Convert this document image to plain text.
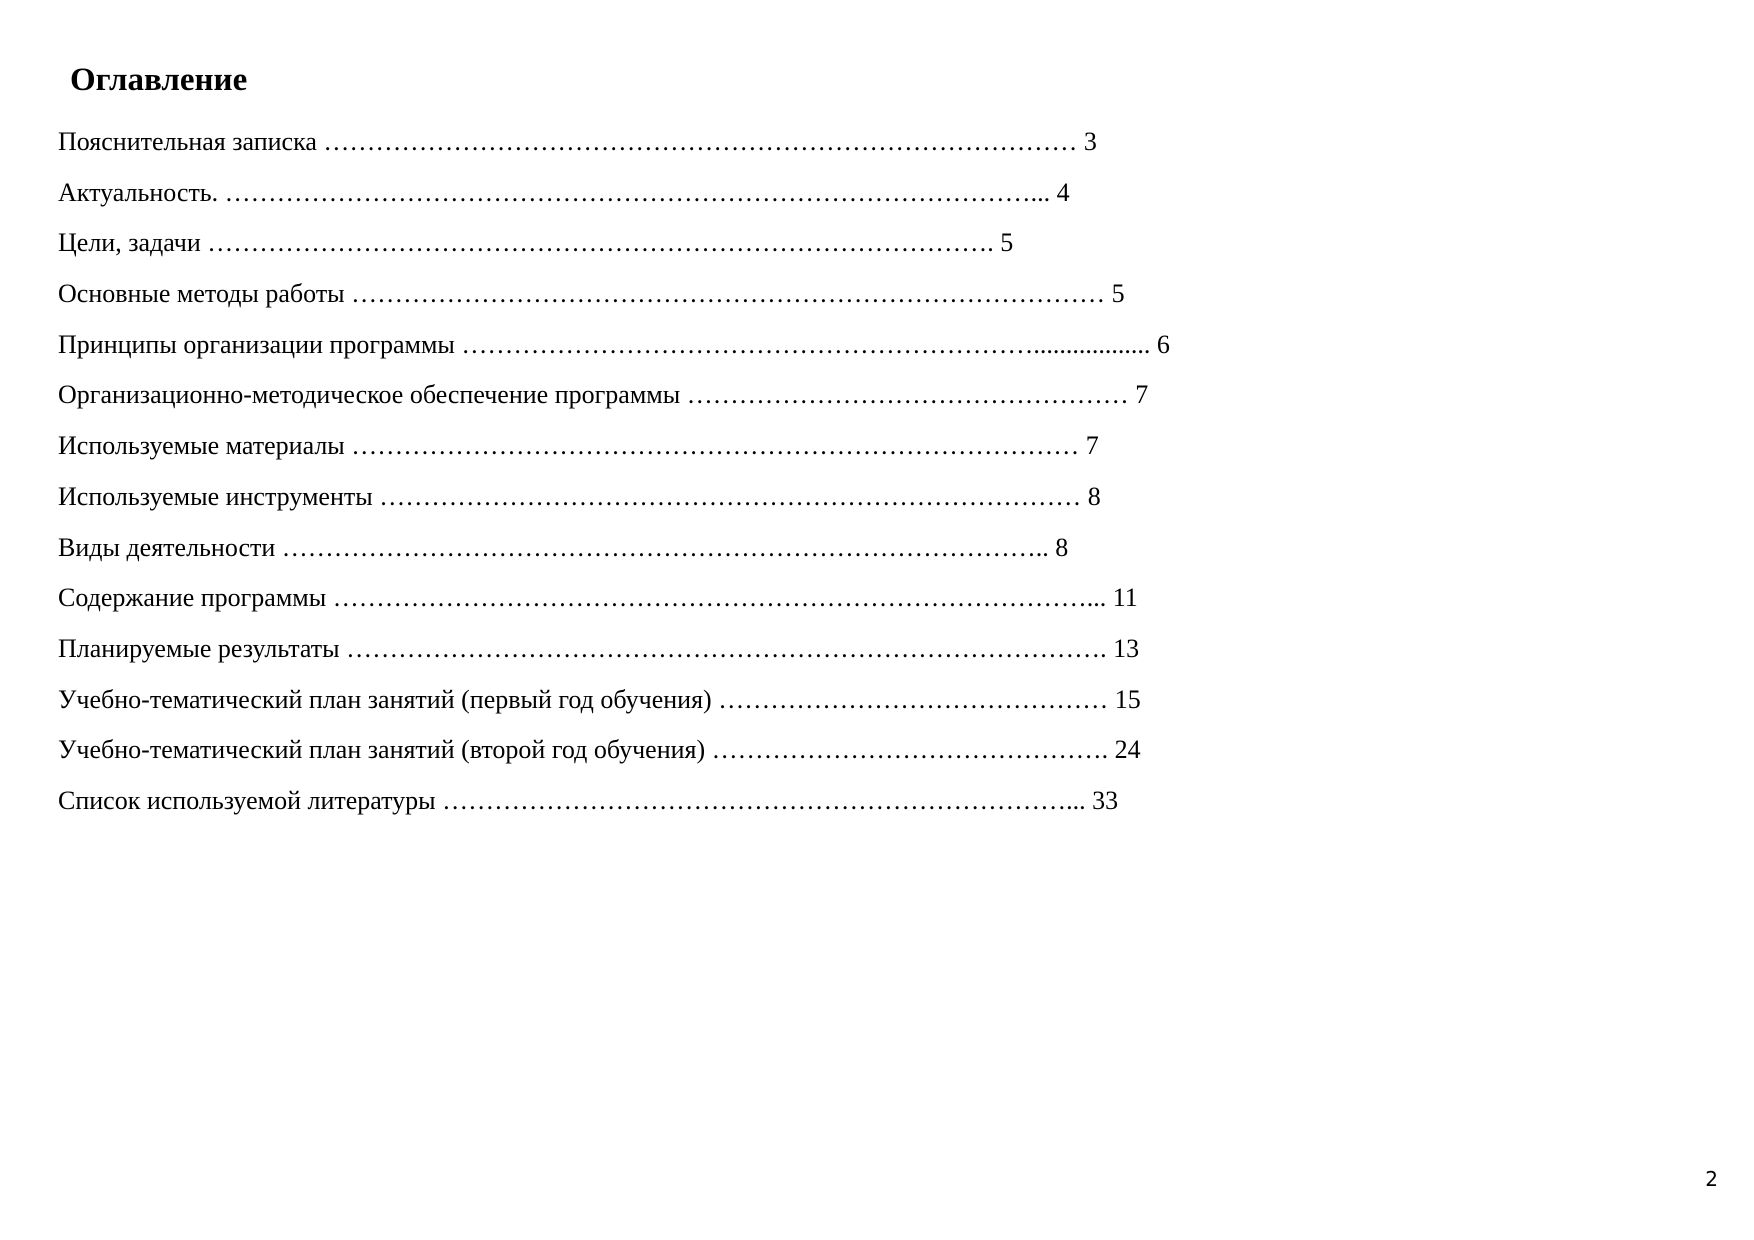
Оглавление
Пояснительная записка …………………………………………………………………………… 3
Актуальность. …………………………………………………………………………………... 4
Цели, задачи ………………………………………………………………………………. 5
Основные методы работы …………………………………………………………………………… 5
Принципы организации программы ………………………………………………………….................. 6
Организационно-методическое обеспечение программы …………………………………………… 7
Используемые материалы ………………………………………………………………………… 7
Используемые инструменты ……………………………………………………………………… 8
Виды деятельности …………………………………………………………………………….. 8
Содержание программы ……………………………………………………………………………... 11
Планируемые результаты ……………………………………………………………………………. 13
Учебно-тематический план занятий (первый год обучения) ……………………………………… 15
Учебно-тематический план занятий (второй год обучения) ………………………………………. 24
Список используемой литературы ………………………………………………………………... 33
2
